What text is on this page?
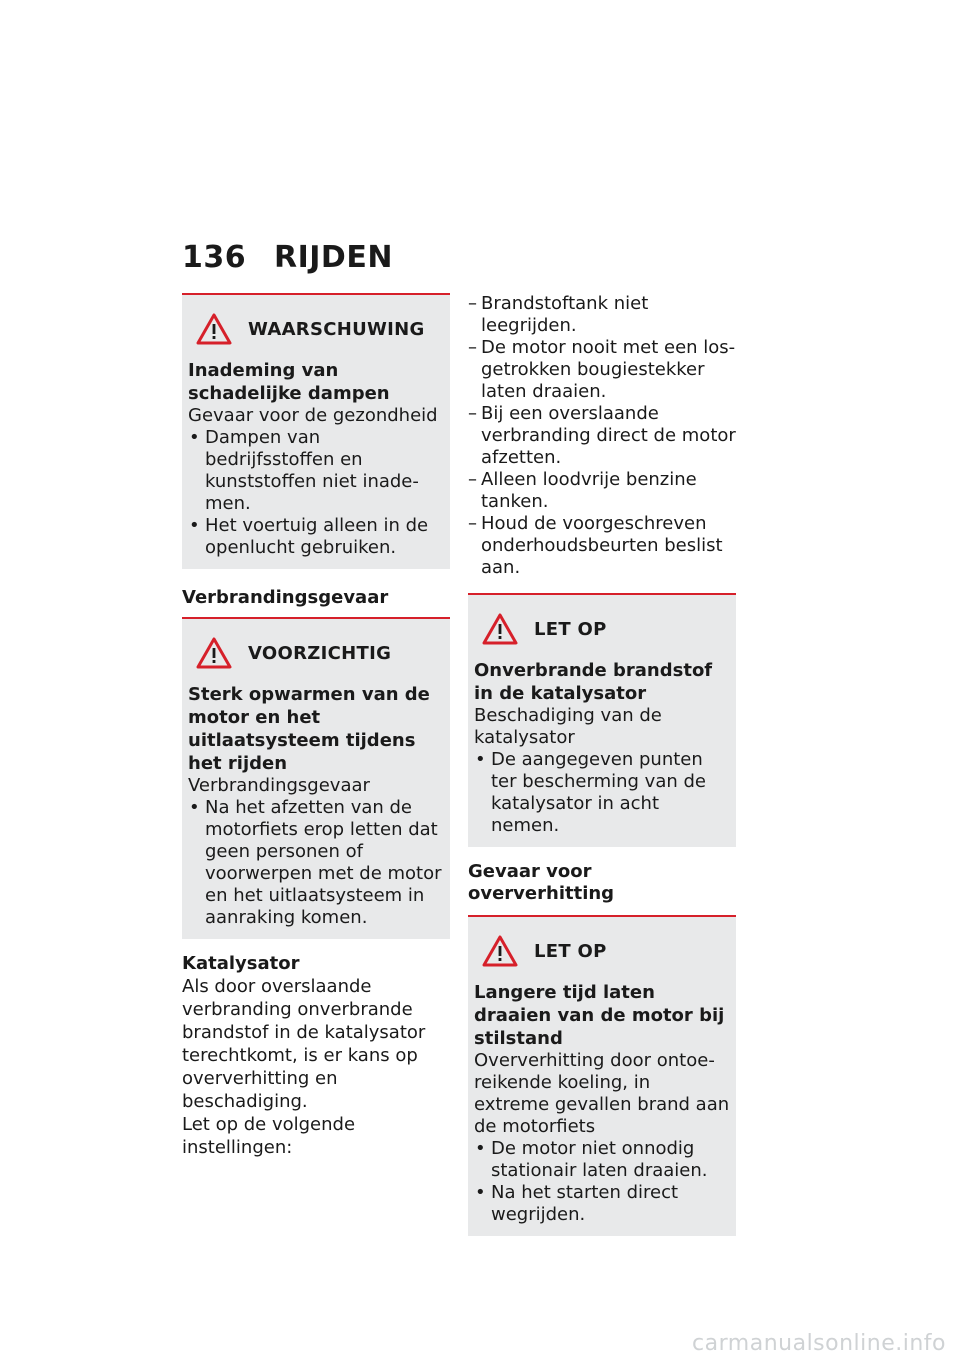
136 RIJDEN
WAARSCHUWING
Inademing van schadelijke dampen
Gevaar voor de gezondheid
• Dampen van bedrijfsstoffen en kunststoffen niet inademen.
• Het voertuig alleen in de openlucht gebruiken.
Verbrandingsgevaar
VOORZICHTIG
Sterk opwarmen van de motor en het uitlaatsysteem tijdens het rijden
Verbrandingsgevaar
• Na het afzetten van de motorfiets erop letten dat geen personen of voorwerpen met de motor en het uitlaatsysteem in aanraking komen.
Katalysator
Als door overslaande verbranding onverbrande brandstof in de katalysator terechtkomt, is er kans op oververhitting en beschadiging.
Let op de volgende instellingen:
– Brandstoftank niet leegrijden.
– De motor nooit met een losgetrokken bougiestekker laten draaien.
– Bij een overslaande verbranding direct de motor afzetten.
– Alleen loodvrije benzine tanken.
– Houd de voorgeschreven onderhoudsbeurten beslist aan.
LET OP
Onverbrande brandstof in de katalysator
Beschadiging van de katalysator
• De aangegeven punten ter bescherming van de katalysator in acht nemen.
Gevaar voor oververhitting
LET OP
Langere tijd laten draaien van de motor bij stilstand
Oververhitting door ontoereikende koeling, in extreme gevallen brand aan de motorfiets
• De motor niet onnodig stationair laten draaien.
• Na het starten direct wegrijden.
carmanualsonline.info
